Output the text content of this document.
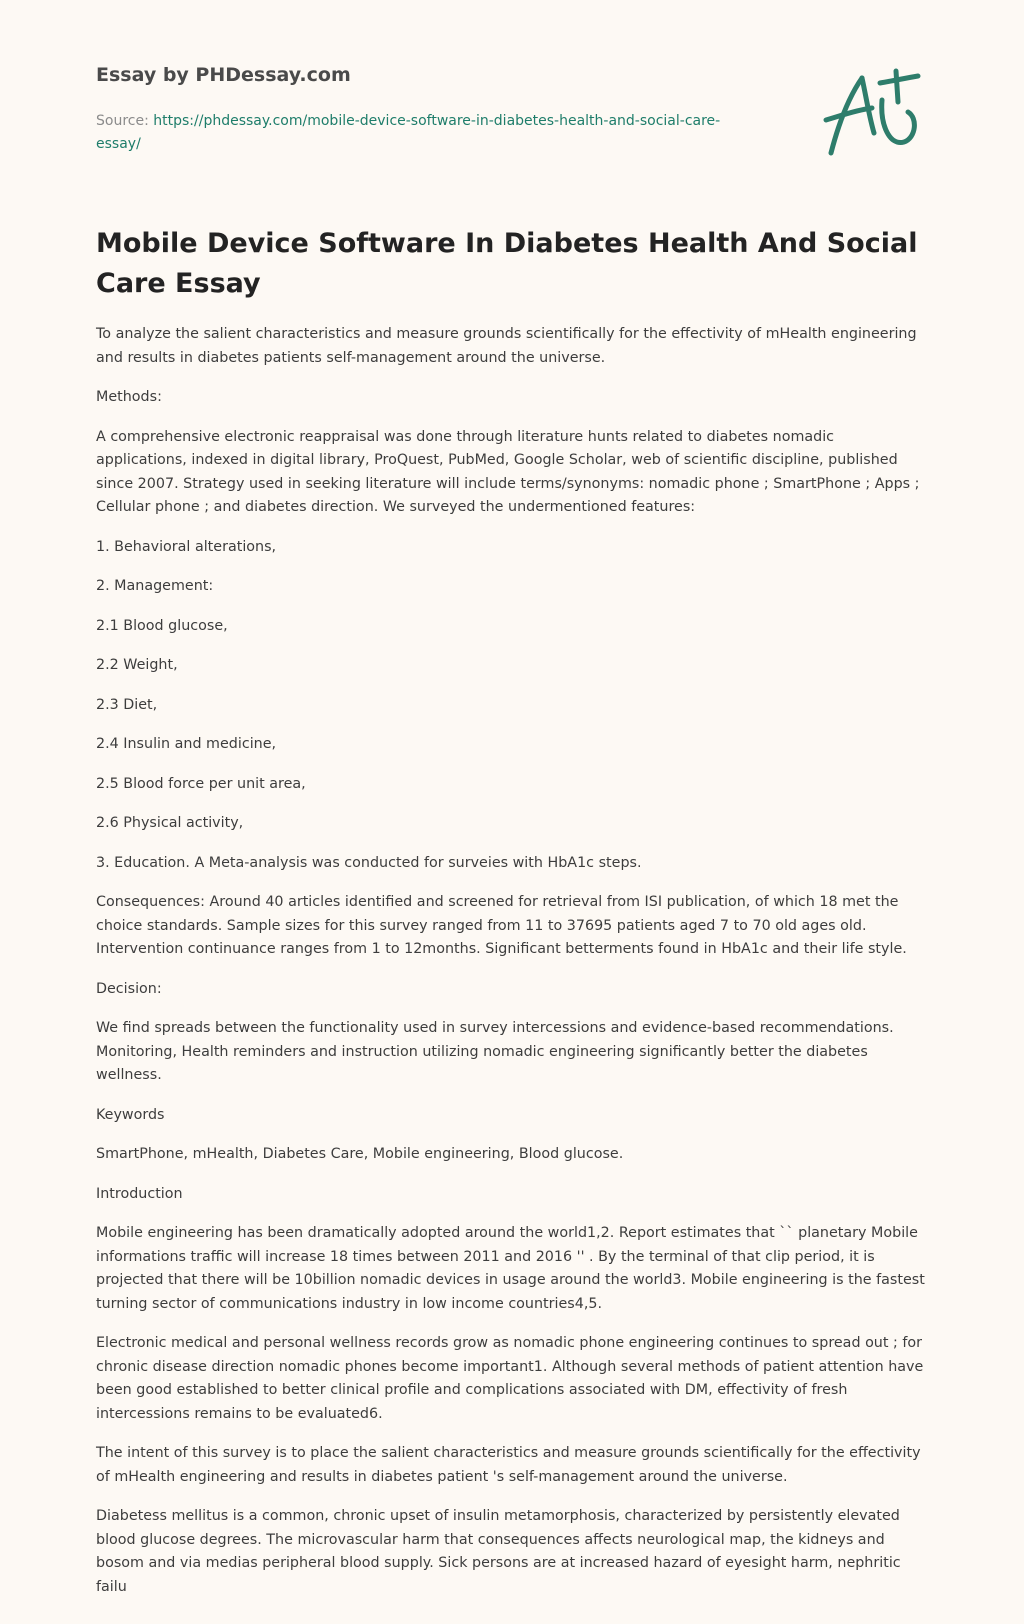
Essay by PHDessay.com
Source: https://phdessay.com/mobile-device-software-in-diabetes-health-and-social-care-essay/
Mobile Device Software In Diabetes Health And Social Care Essay

To analyze the salient characteristics and measure grounds scientifically for the effectivity of mHealth engineering and results in diabetes patients self-management around the universe.

Methods:

A comprehensive electronic reappraisal was done through literature hunts related to diabetes nomadic applications, indexed in digital library, ProQuest, PubMed, Google Scholar, web of scientific discipline, published since 2007. Strategy used in seeking literature will include terms/synonyms: nomadic phone ; SmartPhone ; Apps ; Cellular phone ; and diabetes direction. We surveyed the undermentioned features:

1. Behavioral alterations,

2. Management:

2.1 Blood glucose,

2.2 Weight,

2.3 Diet,

2.4 Insulin and medicine,

2.5 Blood force per unit area,

2.6 Physical activity,

3. Education. A Meta-analysis was conducted for surveies with HbA1c steps.

Consequences: Around 40 articles identified and screened for retrieval from ISI publication, of which 18 met the choice standards. Sample sizes for this survey ranged from 11 to 37695 patients aged 7 to 70 old ages old. Intervention continuance ranges from 1 to 12months. Significant betterments found in HbA1c and their life style.

Decision:

We find spreads between the functionality used in survey intercessions and evidence-based recommendations. Monitoring, Health reminders and instruction utilizing nomadic engineering significantly better the diabetes wellness.

Keywords

SmartPhone, mHealth, Diabetes Care, Mobile engineering, Blood glucose.

Introduction

Mobile engineering has been dramatically adopted around the world1,2. Report estimates that `` planetary Mobile informations traffic will increase 18 times between 2011 and 2016 '' . By the terminal of that clip period, it is projected that there will be 10billion nomadic devices in usage around the world3. Mobile engineering is the fastest turning sector of communications industry in low income countries4,5.

Electronic medical and personal wellness records grow as nomadic phone engineering continues to spread out ; for chronic disease direction nomadic phones become important1. Although several methods of patient attention have been good established to better clinical profile and complications associated with DM, effectivity of fresh intercessions remains to be evaluated6.

The intent of this survey is to place the salient characteristics and measure grounds scientifically for the effectivity of mHealth engineering and results in diabetes patient 's self-management around the universe.

Diabetess mellitus is a common, chronic upset of insulin metamorphosis, characterized by persistently elevated blood glucose degrees. The microvascular harm that consequences affects neurological map, the kidneys and bosom and via medias peripheral blood supply. Sick persons are at increased hazard of eyesight harm, nephritic failu
